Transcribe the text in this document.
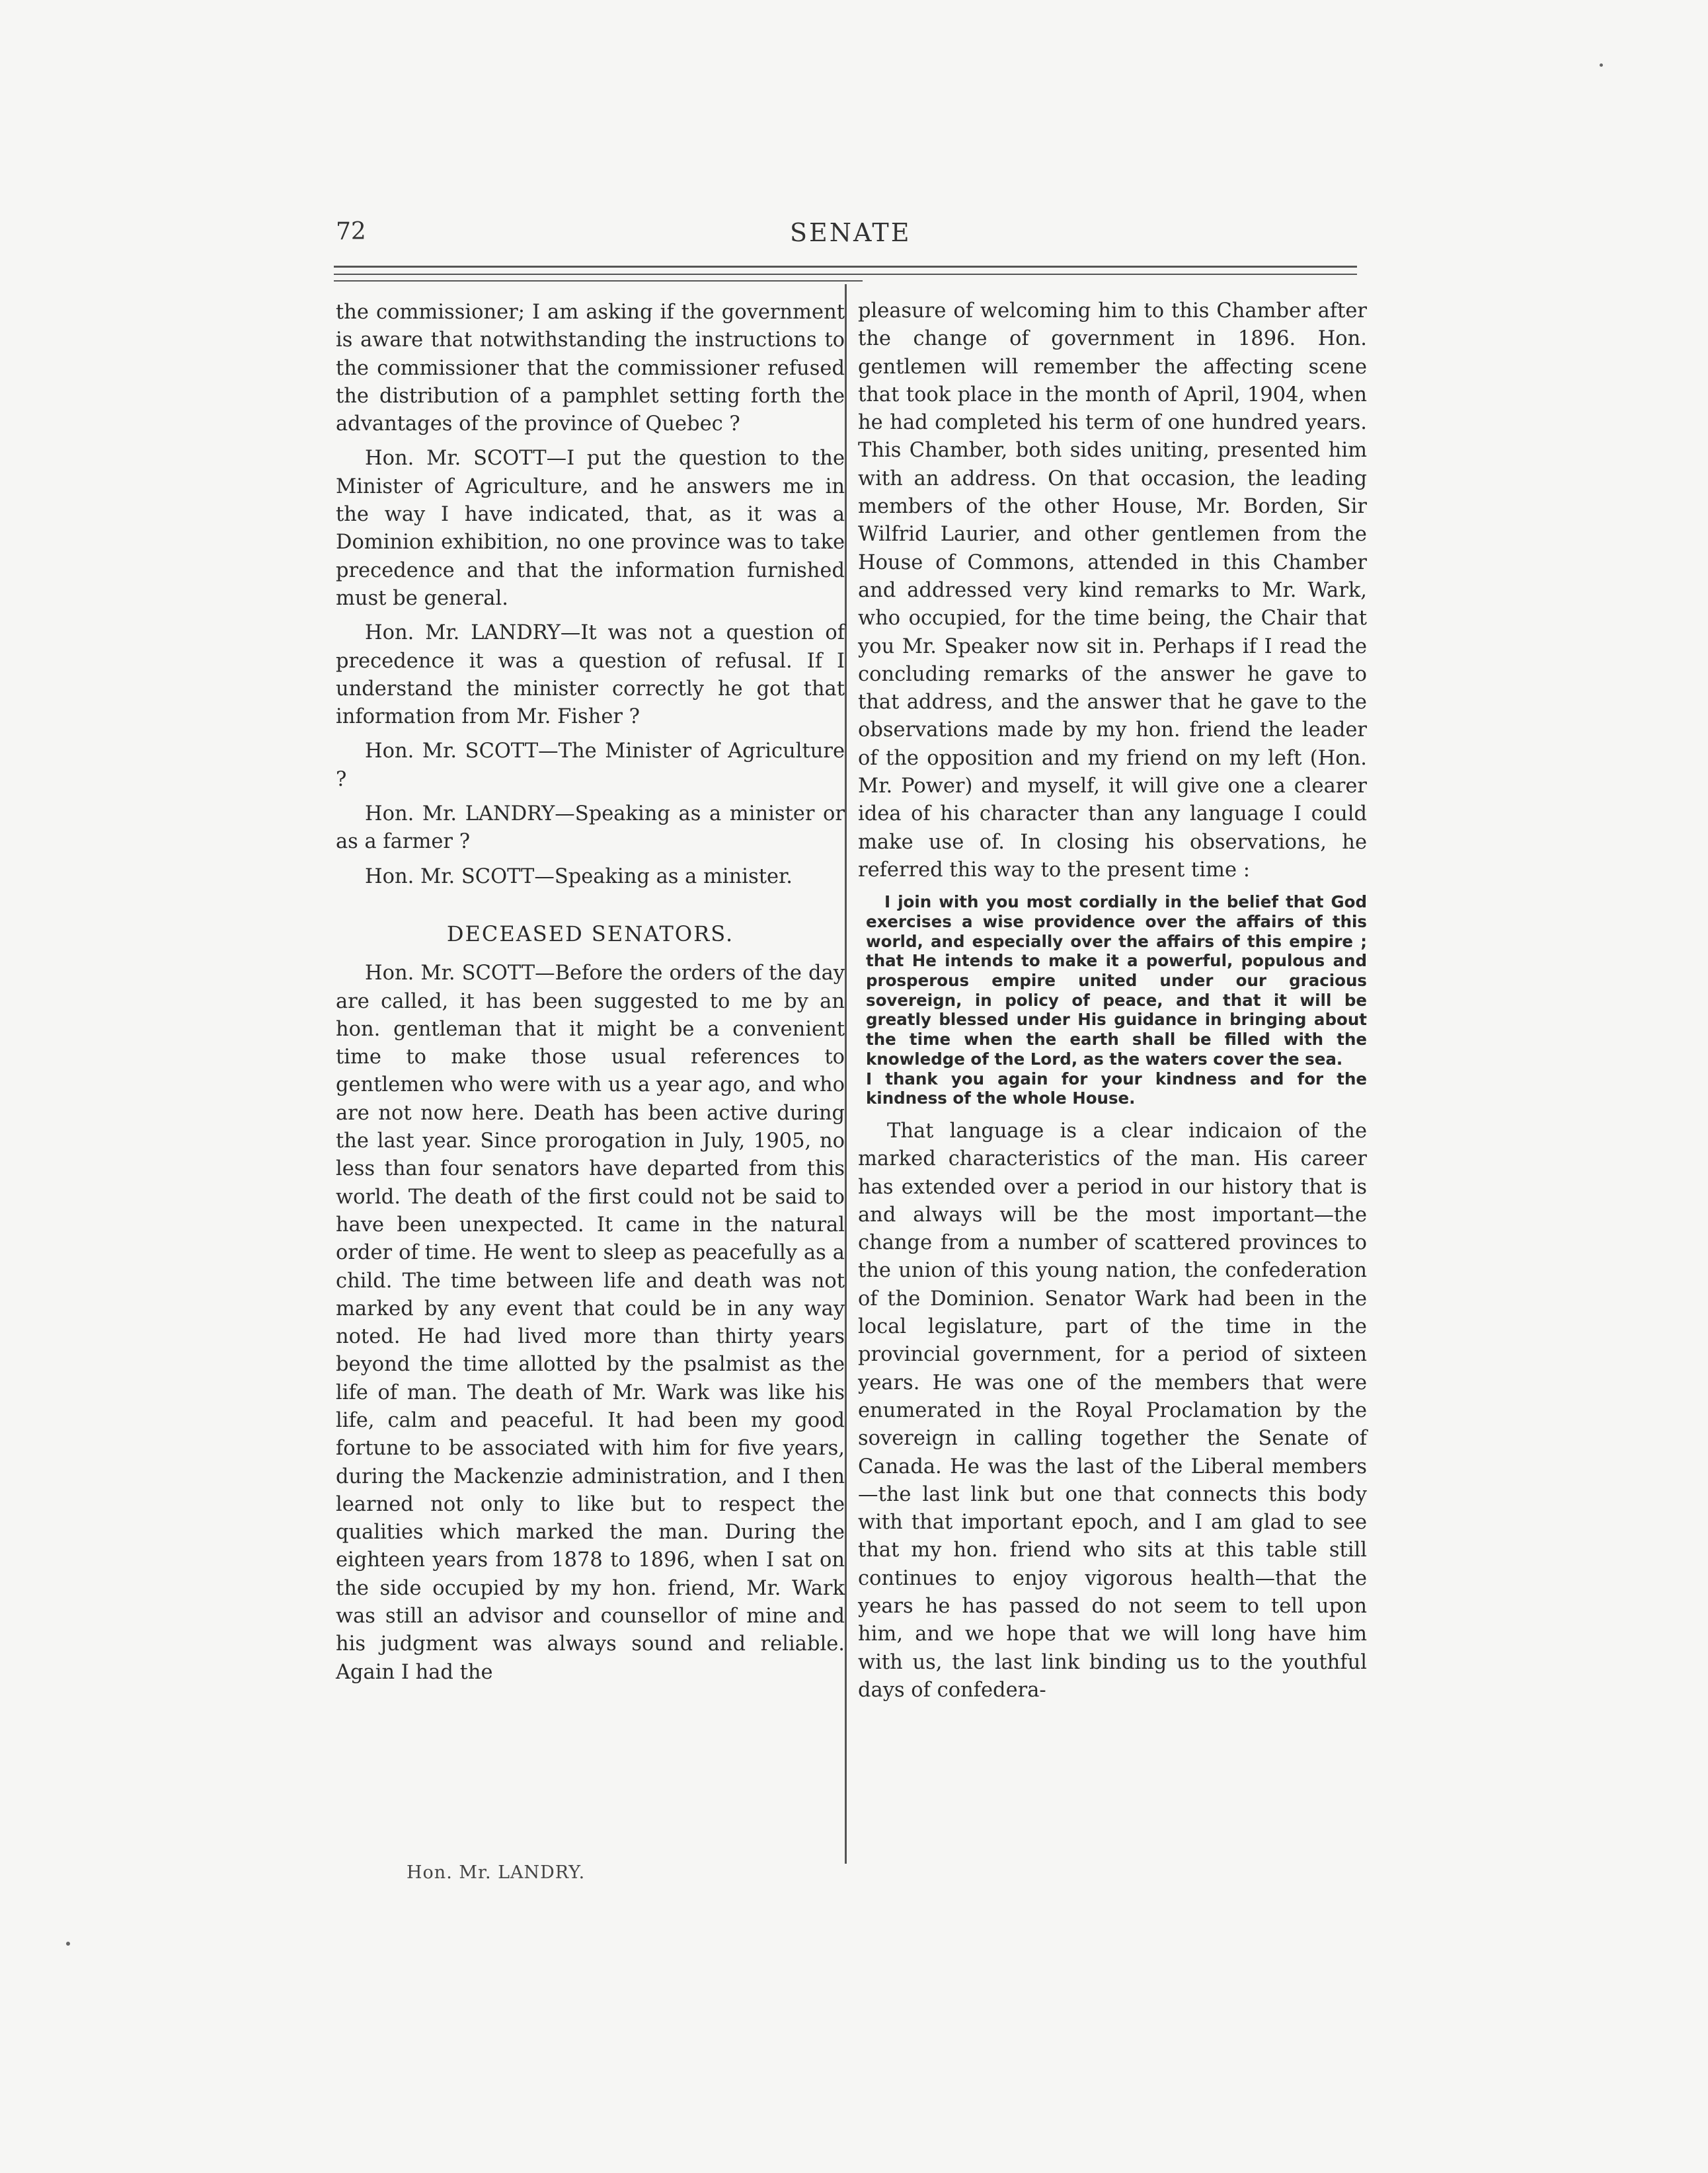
72	SENATE

the commissioner; I am asking if the government is aware that notwithstanding the instructions to the commissioner that the commissioner refused the distribution of a pamphlet setting forth the advantages of the province of Quebec ?

Hon. Mr. SCOTT—I put the question to the Minister of Agriculture, and he answers me in the way I have indicated, that, as it was a Dominion exhibition, no one province was to take precedence and that the information furnished must be general.

Hon. Mr. LANDRY—It was not a question of precedence it was a question of refusal. If I understand the minister correctly he got that information from Mr. Fisher ?

Hon. Mr. SCOTT—The Minister of Agriculture ?

Hon. Mr. LANDRY—Speaking as a minister or as a farmer ?

Hon. Mr. SCOTT—Speaking as a minister.

DECEASED SENATORS.

Hon. Mr. SCOTT—Before the orders of the day are called, it has been suggested to me by an hon. gentleman that it might be a convenient time to make those usual references to gentlemen who were with us a year ago, and who are not now here. Death has been active during the last year. Since prorogation in July, 1905, no less than four senators have departed from this world. The death of the first could not be said to have been unexpected. It came in the natural order of time. He went to sleep as peacefully as a child. The time between life and death was not marked by any event that could be in any way noted. He had lived more than thirty years beyond the time allotted by the psalmist as the life of man. The death of Mr. Wark was like his life, calm and peaceful. It had been my good fortune to be associated with him for five years, during the Mackenzie administration, and I then learned not only to like but to respect the qualities which marked the man. During the eighteen years from 1878 to 1896, when I sat on the side occupied by my hon. friend, Mr. Wark was still an advisor and counsellor of mine and his judgment was always sound and reliable. Again I had the

pleasure of welcoming him to this Chamber after the change of government in 1896. Hon. gentlemen will remember the affecting scene that took place in the month of April, 1904, when he had completed his term of one hundred years. This Chamber, both sides uniting, presented him with an address. On that occasion, the leading members of the other House, Mr. Borden, Sir Wilfrid Laurier, and other gentlemen from the House of Commons, attended in this Chamber and addressed very kind remarks to Mr. Wark, who occupied, for the time being, the Chair that you Mr. Speaker now sit in. Perhaps if I read the concluding remarks of the answer he gave to that address, and the answer that he gave to the observations made by my hon. friend the leader of the opposition and my friend on my left (Hon. Mr. Power) and myself, it will give one a clearer idea of his character than any language I could make use of. In closing his observations, he referred this way to the present time :

I join with you most cordially in the belief that God exercises a wise providence over the affairs of this world, and especially over the affairs of this empire ; that He intends to make it a powerful, populous and prosperous empire united under our gracious sovereign, in policy of peace, and that it will be greatly blessed under His guidance in bringing about the time when the earth shall be filled with the knowledge of the Lord, as the waters cover the sea.

I thank you again for your kindness and for the kindness of the whole House.

That language is a clear indicaion of the marked characteristics of the man. His career has extended over a period in our history that is and always will be the most important—the change from a number of scattered provinces to the union of this young nation, the confederation of the Dominion. Senator Wark had been in the local legislature, part of the time in the provincial government, for a period of sixteen years. He was one of the members that were enumerated in the Royal Proclamation by the sovereign in calling together the Senate of Canada. He was the last of the Liberal members—the last link but one that connects this body with that important epoch, and I am glad to see that my hon. friend who sits at this table still continues to enjoy vigorous health—that the years he has passed do not seem to tell upon him, and we hope that we will long have him with us, the last link binding us to the youthful days of confedera-

Hon. Mr. LANDRY.
